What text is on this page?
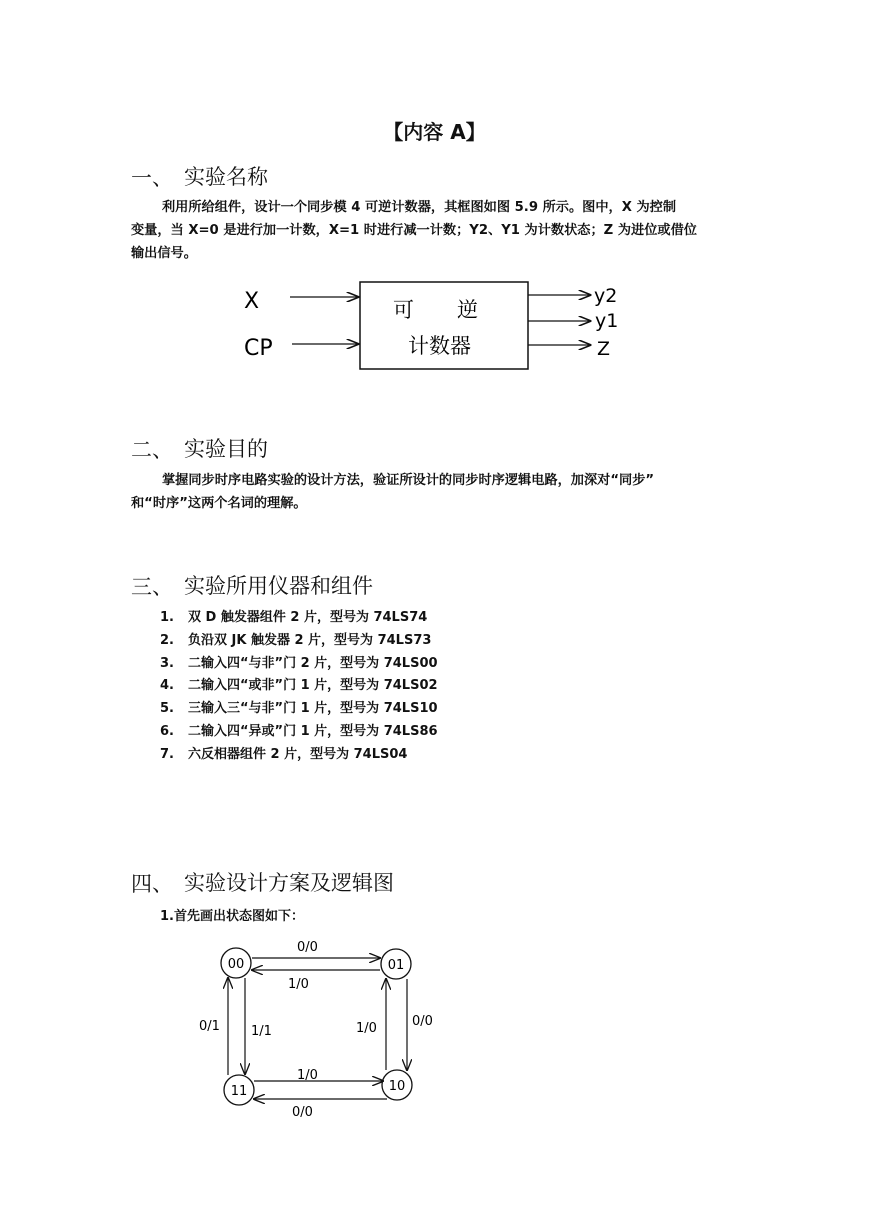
【内容 A】
一、 实验名称

利用所给组件，设计一个同步模 4 可逆计数器，其框图如图 5.9 所示。图中，X 为控制

变量，当 X=0 是进行加一计数，X=1 时进行减一计数；Y2、Y1 为计数状态；Z 为进位或借位

输出信号。

X
CP
可 逆
计数器
y2
y1
Z
二、 实验目的

掌握同步时序电路实验的设计方法，验证所设计的同步时序逻辑电路，加深对“同步”

和“时序”这两个名词的理解。

三、 实验所用仪器和组件
1. 双 D 触发器组件 2 片，型号为 74LS74
2. 负沿双 JK 触发器 2 片，型号为 74LS73
3. 二输入四“与非”门 2 片，型号为 74LS00
4. 二输入四“或非”门 1 片，型号为 74LS02
5. 三输入三“与非”门 1 片，型号为 74LS10
6. 二输入四“异或”门 1 片，型号为 74LS86
7. 六反相器组件 2 片，型号为 74LS04
四、 实验设计方案及逻辑图
1.首先画出状态图如下：
00	01
10
11
0/0
1/0
0/0
1/0
0/0
1/0
0/1 1/1
